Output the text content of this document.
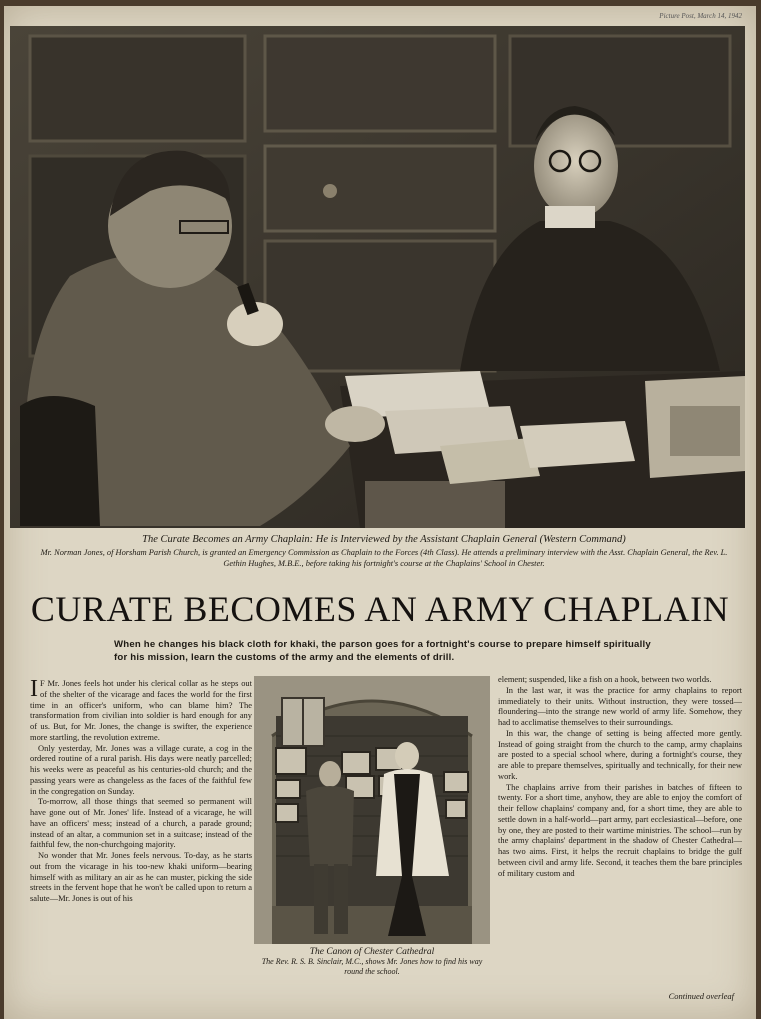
Picture Post, March 14, 1942
The Curate Becomes an Army Chaplain: He is Interviewed by the Assistant Chaplain General (Western Command)
Mr. Norman Jones, of Horsham Parish Church, is granted an Emergency Commission as Chaplain to the Forces (4th Class). He attends a preliminary interview with the Asst. Chaplain General, the Rev. L. Gethin Hughes, M.B.E., before taking his fortnight's course at the Chaplains' School in Chester.
CURATE BECOMES AN ARMY CHAPLAIN
When he changes his black cloth for khaki, the parson goes for a fortnight's course to prepare himself spiritually for his mission, learn the customs of the army and the elements of drill.

I F Mr. Jones feels hot under his clerical collar as he steps out of the shelter of the vicarage and faces the world for the first time in an officer's uniform, who can blame him? The transformation from civilian into soldier is hard enough for any of us. But, for Mr. Jones, the change is swifter, the experience more startling, the revolution extreme.

Only yesterday, Mr. Jones was a village curate, a cog in the ordered routine of a rural parish. His days were neatly parcelled; his weeks were as peaceful as his centuries-old church; and the passing years were as changeless as the faces of the faithful few in the congregation on Sunday.

To-morrow, all those things that seemed so permanent will have gone out of Mr. Jones' life. Instead of a vicarage, he will have an officers' mess; instead of a church, a parade ground; instead of an altar, a communion set in a suitcase; instead of the faithful few, the non-churchgoing majority.

No wonder that Mr. Jones feels nervous. To-day, as he starts out from the vicarage in his too-new khaki uniform—bearing himself with as military an air as he can muster, picking the side streets in the fervent hope that he won't be called upon to return a salute—Mr. Jones is out of his

The Canon of Chester Cathedral
The Rev. R. S. B. Sinclair, M.C., shows Mr. Jones how to find his way round the school.

element; suspended, like a fish on a hook, between two worlds.

In the last war, it was the practice for army chaplains to report immediately to their units. Without instruction, they were tossed—floundering—into the strange new world of army life. Somehow, they had to acclimatise themselves to their surroundings.

In this war, the change of setting is being affected more gently. Instead of going straight from the church to the camp, army chaplains are posted to a special school where, during a fortnight's course, they are able to prepare themselves, spiritually and technically, for their new work.

The chaplains arrive from their parishes in batches of fifteen to twenty. For a short time, anyhow, they are able to enjoy the comfort of their fellow chaplains' company and, for a short time, they are able to settle down in a half-world—part army, part ecclesiastical—before, one by one, they are posted to their wartime ministries. The school—run by the army chaplains' department in the shadow of Chester Cathedral—has two aims. First, it helps the recruit chaplains to bridge the gulf between civil and army life. Second, it teaches them the bare principles of military custom and

Continued overleaf
